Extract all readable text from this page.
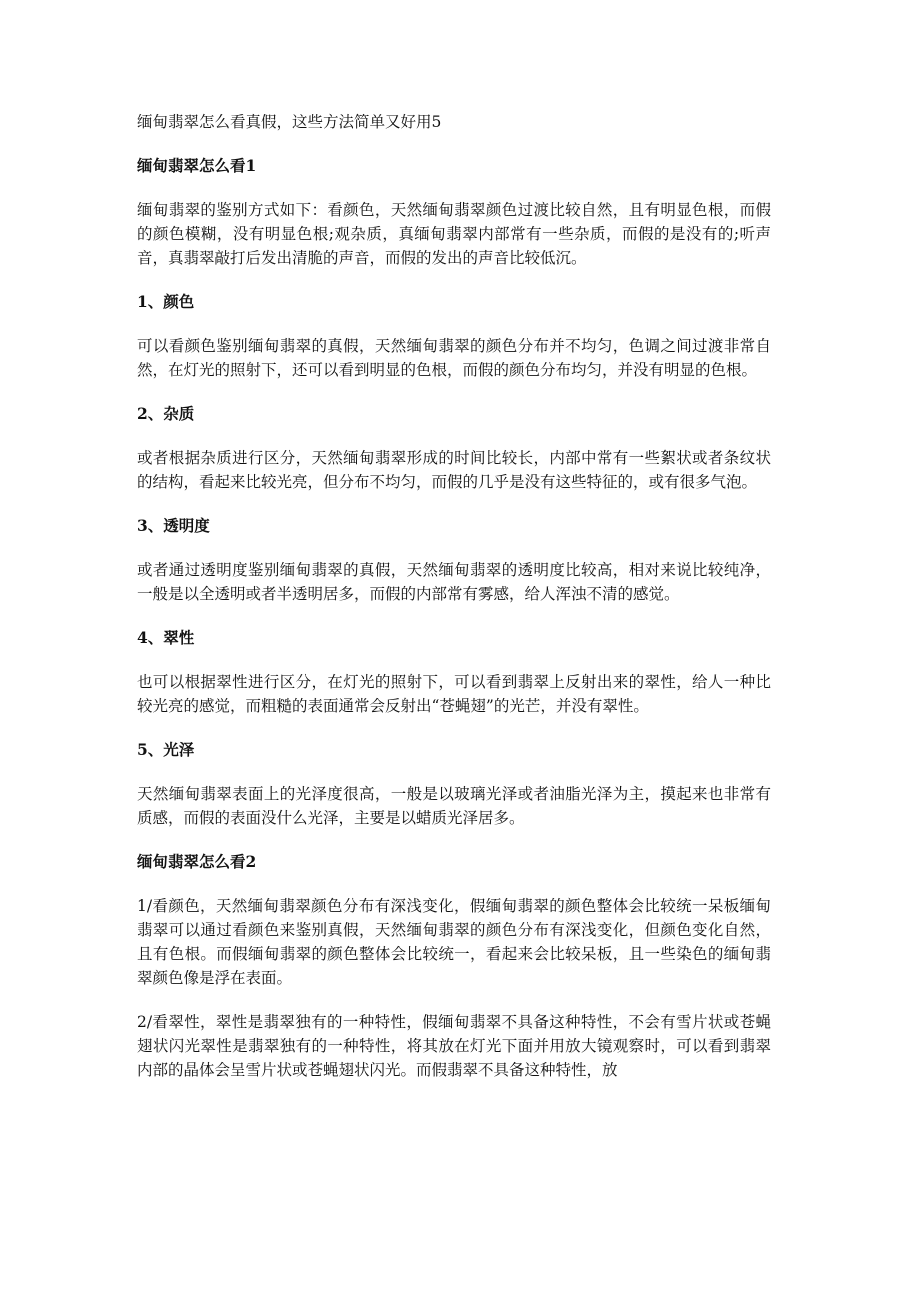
缅甸翡翠怎么看真假，这些方法简单又好用5
缅甸翡翠怎么看1
缅甸翡翠的鉴别方式如下：看颜色，天然缅甸翡翠颜色过渡比较自然，且有明显色根，而假的颜色模糊，没有明显色根;观杂质，真缅甸翡翠内部常有一些杂质，而假的是没有的;听声音，真翡翠敲打后发出清脆的声音，而假的发出的声音比较低沉。
1、颜色
可以看颜色鉴别缅甸翡翠的真假，天然缅甸翡翠的颜色分布并不均匀，色调之间过渡非常自然，在灯光的照射下，还可以看到明显的色根，而假的颜色分布均匀，并没有明显的色根。
2、杂质
或者根据杂质进行区分，天然缅甸翡翠形成的时间比较长，内部中常有一些絮状或者条纹状的结构，看起来比较光亮，但分布不均匀，而假的几乎是没有这些特征的，或有很多气泡。
3、透明度
或者通过透明度鉴别缅甸翡翠的真假，天然缅甸翡翠的透明度比较高，相对来说比较纯净，一般是以全透明或者半透明居多，而假的内部常有雾感，给人浑浊不清的感觉。
4、翠性
也可以根据翠性进行区分，在灯光的照射下，可以看到翡翠上反射出来的翠性，给人一种比较光亮的感觉，而粗糙的表面通常会反射出“苍蝇翅”的光芒，并没有翠性。
5、光泽
天然缅甸翡翠表面上的光泽度很高，一般是以玻璃光泽或者油脂光泽为主，摸起来也非常有质感，而假的表面没什么光泽，主要是以蜡质光泽居多。
缅甸翡翠怎么看2
1/看颜色，天然缅甸翡翠颜色分布有深浅变化，假缅甸翡翠的颜色整体会比较统一呆板缅甸翡翠可以通过看颜色来鉴别真假，天然缅甸翡翠的颜色分布有深浅变化，但颜色变化自然，且有色根。而假缅甸翡翠的颜色整体会比较统一，看起来会比较呆板，且一些染色的缅甸翡翠颜色像是浮在表面。
2/看翠性，翠性是翡翠独有的一种特性，假缅甸翡翠不具备这种特性，不会有雪片状或苍蝇翅状闪光翠性是翡翠独有的一种特性，将其放在灯光下面并用放大镜观察时，可以看到翡翠内部的晶体会呈雪片状或苍蝇翅状闪光。而假翡翠不具备这种特性，放
